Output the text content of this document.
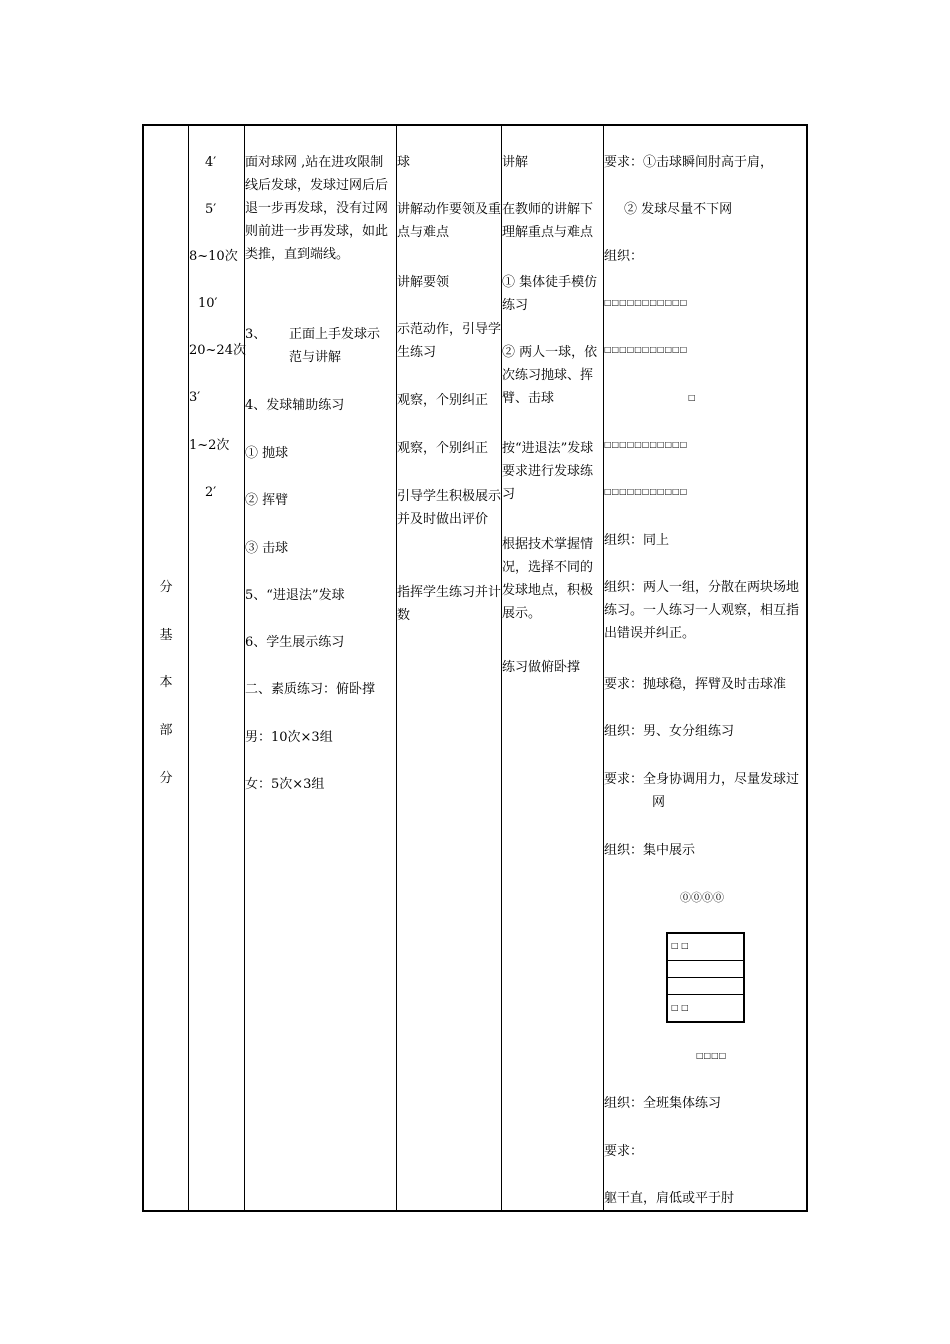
分
基
本
部
分
4′
5′
8~10次
10′
20~24次
3′
1~2次
2′
面对球网 ,站在进攻限制线后发球，发球过网后后退一步再发球，没有过网则前进一步再发球，如此类推，直到端线。
3、 正面上手发球示范与讲解
4、发球辅助练习
① 抛球
② 挥臂
③ 击球
5、“进退法”发球
6、学生展示练习
二、素质练习：俯卧撑
男：10次×3组
女：5次×3组
球
讲解动作要领及重点与难点
讲解要领
示范动作，引导学生练习
观察，个别纠正
观察，个别纠正
引导学生积极展示并及时做出评价
指挥学生练习并计数
讲解
在教师的讲解下理解重点与难点
① 集体徒手模仿练习
② 两人一球，依次练习抛球、挥臂、击球
按“进退法”发球要求进行发球练习
根据技术掌握情况，选择不同的发球地点，积极展示。
练习做俯卧撑
要求：①击球瞬间肘高于肩，
② 发球尽量不下网
组织：
□□□□□□□□□□□
□□□□□□□□□□□
□
□□□□□□□□□□□
□□□□□□□□□□□
组织：同上
组织：两人一组，分散在两块场地练习。一人练习一人观察，相互指出错误并纠正。
要求：抛球稳，挥臂及时击球准
组织：男、女分组练习
要求：全身协调用力，尽量发球过
网
组织：集中展示
⓪⓪⓪⓪
□ □
□ □
□□□□
组织：全班集体练习
要求：
躯干直，肩低或平于肘
